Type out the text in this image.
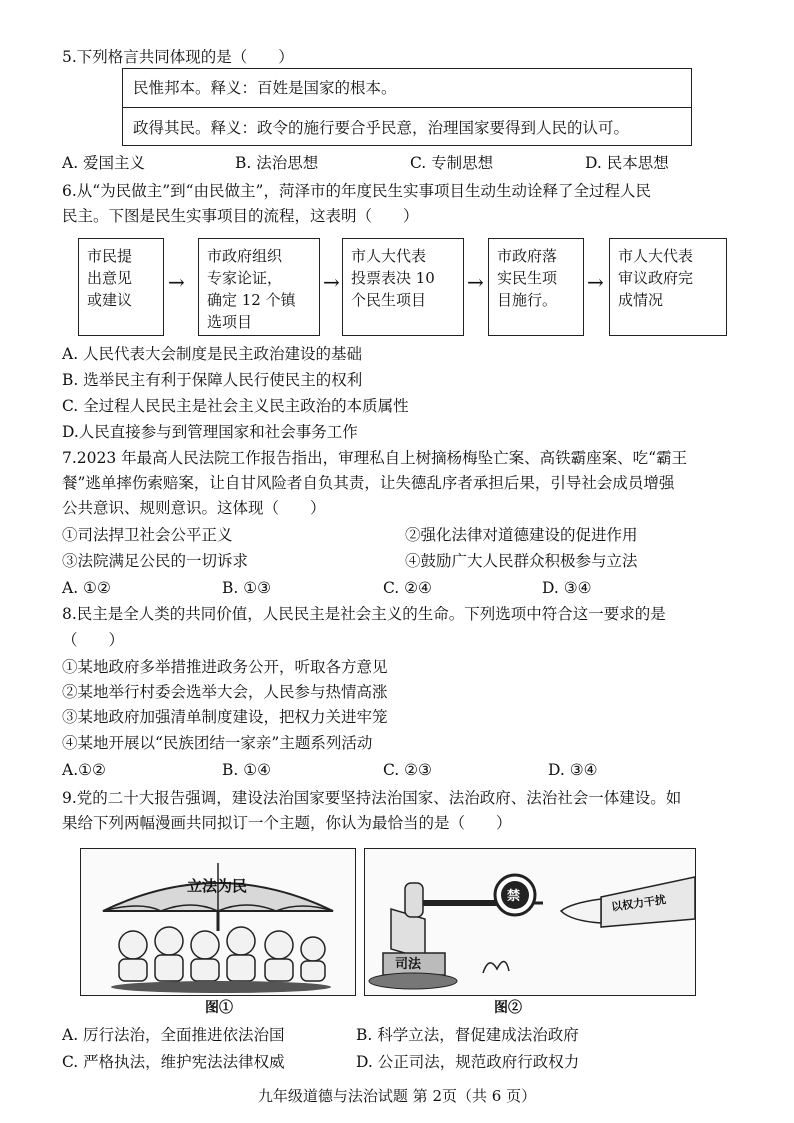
5.下列格言共同体现的是（　　）
民惟邦本。释义：百姓是国家的根本。
政得其民。释义：政令的施行要合乎民意，治理国家要得到人民的认可。
A. 爱国主义	B. 法治思想	C. 专制思想	D. 民本思想
6.从“为民做主”到“由民做主”，菏泽市的年度民生实事项目生动生动诠释了全过程人民
民主。下图是民生实事项目的流程，这表明（　　）
市民提
出意见
或建议
→
市政府组织
专家论证，
确定 12 个镇
选项目
→
市人大代表
投票表决 10
个民生项目
→
市政府落
实民生项
目施行。
→
市人大代表
审议政府完
成情况
A. 人民代表大会制度是民主政治建设的基础
B. 选举民主有利于保障人民行使民主的权利
C. 全过程人民民主是社会主义民主政治的本质属性
D.人民直接参与到管理国家和社会事务工作
7.2023 年最高人民法院工作报告指出，审理私自上树摘杨梅坠亡案、高铁霸座案、吃“霸王
餐”逃单摔伤索赔案，让自甘风险者自负其责，让失德乱序者承担后果，引导社会成员增强
公共意识、规则意识。这体现（　　）
①司法捍卫社会公平正义	②强化法律对道德建设的促进作用
③法院满足公民的一切诉求	④鼓励广大人民群众积极参与立法
A. ①②	B. ①③	C. ②④	D. ③④
8.民主是全人类的共同价值，人民民主是社会主义的生命。下列选项中符合这一要求的是
（　　）
①某地政府多举措推进政务公开，听取各方意见
②某地举行村委会选举大会，人民参与热情高涨
③某地政府加强清单制度建设，把权力关进牢笼
④某地开展以“民族团结一家亲”主题系列活动
A.①②	B. ①④	C. ②③	D. ③④
9.党的二十大报告强调，建设法治国家要坚持法治国家、法治政府、法治社会一体建设。如
果给下列两幅漫画共同拟订一个主题，你认为最恰当的是（　　）
立法为民
图①
禁
司法
以权力干扰
图②
A. 厉行法治，全面推进依法治国	B. 科学立法，督促建成法治政府
C. 严格执法，维护宪法法律权威	D. 公正司法，规范政府行政权力
九年级道德与法治试题 第 2页（共 6 页）
